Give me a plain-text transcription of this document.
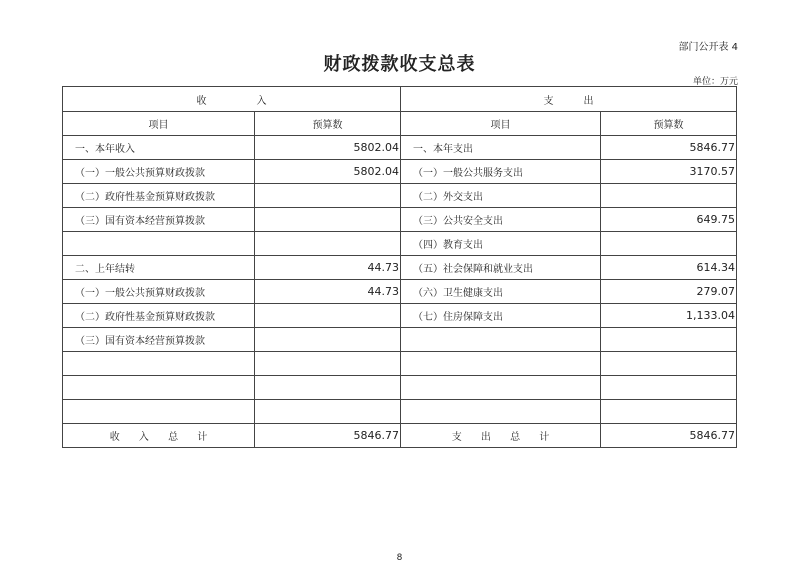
部门公开表 4
财政拨款收支总表
单位：万元
收　　　　　入		支　　　出	
项目	预算数	项目	预算数
一、本年收入	5802.04	一、本年支出	5846.77
（一）一般公共预算财政拨款	5802.04	（一）一般公共服务支出	3170.57
（二）政府性基金预算财政拨款		（二）外交支出	
（三）国有资本经营预算拨款		（三）公共安全支出	649.75
		（四）教育支出	
二、上年结转	44.73	（五）社会保障和就业支出	614.34
（一）一般公共预算财政拨款	44.73	（六）卫生健康支出	279.07
（二）政府性基金预算财政拨款		（七）住房保障支出	1,133.04
（三）国有资本经营预算拨款			

收 入 总 计	5846.77	支 出 总 计	5846.77
8
